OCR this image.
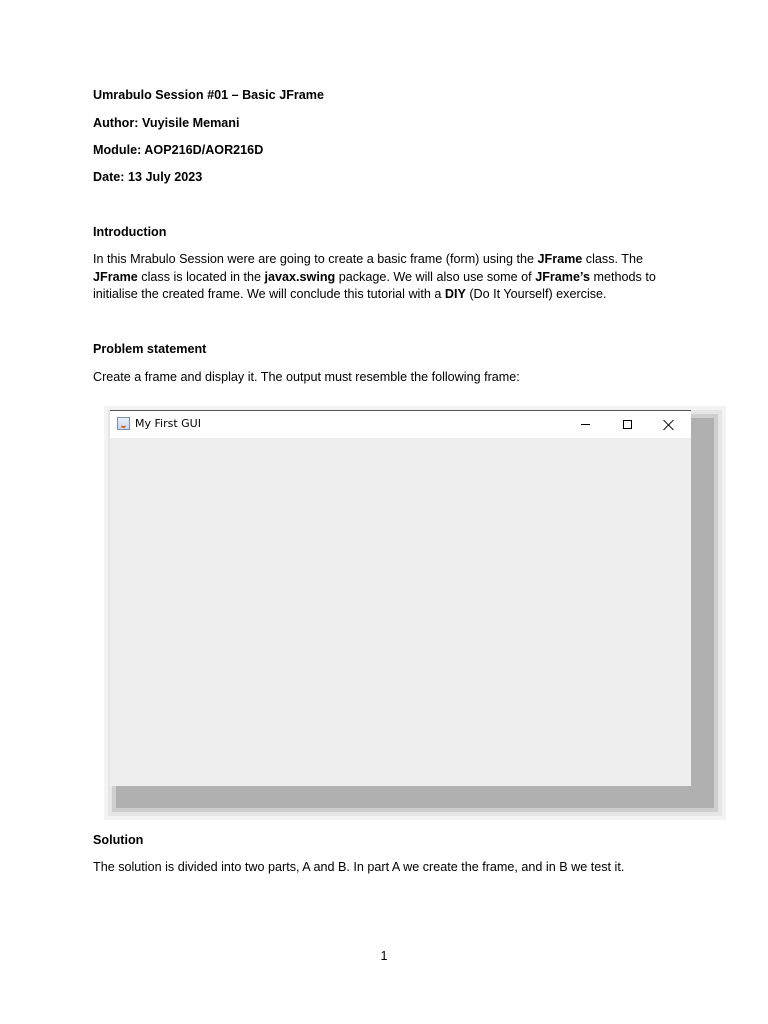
Umrabulo Session #01 – Basic JFrame
Author: Vuyisile Memani
Module: AOP216D/AOR216D
Date: 13 July 2023
Introduction
In this Mrabulo Session were are going to create a basic frame (form) using the JFrame class. The
JFrame class is located in the javax.swing package. We will also use some of JFrame’s methods to
initialise the created frame. We will conclude this tutorial with a DIY (Do It Yourself) exercise.
Problem statement
Create a frame and display it. The output must resemble the following frame:
My First GUI
Solution
The solution is divided into two parts, A and B. In part A we create the frame, and in B we test it.
1
